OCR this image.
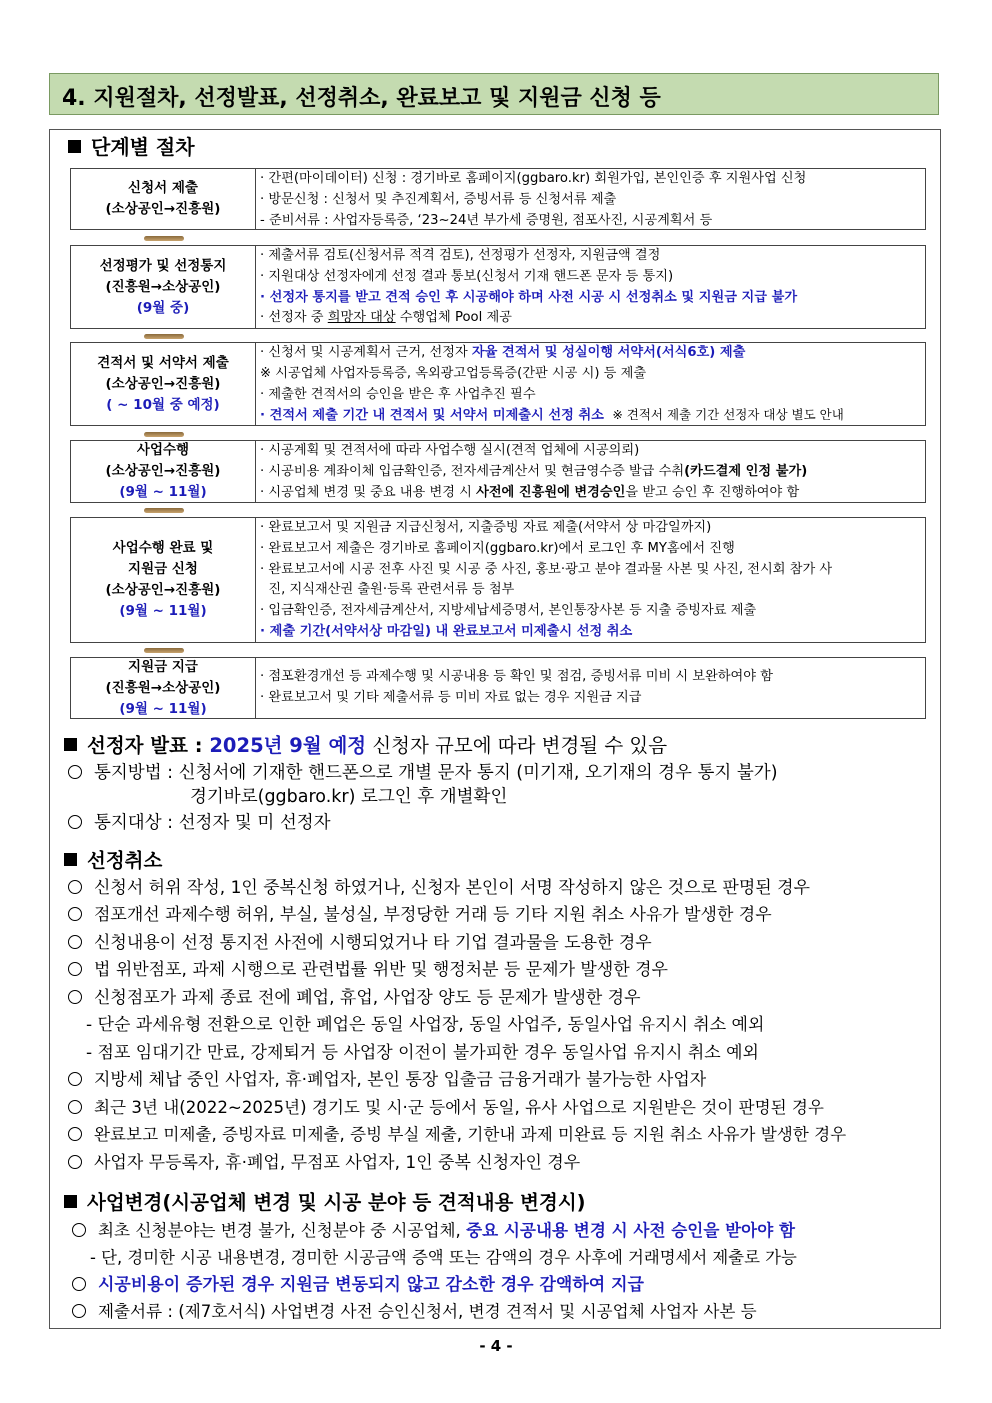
4. 지원절차, 선정발표, 선정취소, 완료보고 및 지원금 신청 등
단계별 절차
신청서 제출
(소상공인→진흥원)
· 간편(마이데이터) 신청 : 경기바로 홈페이지(ggbaro.kr) 회원가입, 본인인증 후 지원사업 신청
· 방문신청 : 신청서 및 추진계획서, 증빙서류 등 신청서류 제출
- 준비서류 : 사업자등록증, ‘23~24년 부가세 증명원, 점포사진, 시공계획서 등
선정평가 및 선정통지
(진흥원→소상공인)
(9월 중)
· 제출서류 검토(신청서류 적격 검토), 선정평가 선정자, 지원금액 결정
· 지원대상 선정자에게 선정 결과 통보(신청서 기재 핸드폰 문자 등 통지)
· 선정자 통지를 받고 견적 승인 후 시공해야 하며 사전 시공 시 선정취소 및 지원금 지급 불가
· 선정자 중 희망자 대상 수행업체 Pool 제공
견적서 및 서약서 제출
(소상공인→진흥원)
( ~ 10월 중 예정)
· 신청서 및 시공계획서 근거, 선정자 자율 견적서 및 성실이행 서약서(서식6호) 제출
※ 시공업체 사업자등록증, 옥외광고업등록증(간판 시공 시) 등 제출
· 제출한 견적서의 승인을 받은 후 사업추진 필수
· 견적서 제출 기간 내 견적서 및 서약서 미제출시 선정 취소 ※ 견적서 제출 기간 선정자 대상 별도 안내
사업수행
(소상공인→진흥원)
(9월 ~ 11월)
· 시공계획 및 견적서에 따라 사업수행 실시(견적 업체에 시공의뢰)
· 시공비용 계좌이체 입금확인증, 전자세금계산서 및 현금영수증 발급 수취(카드결제 인정 불가)
· 시공업체 변경 및 중요 내용 변경 시 사전에 진흥원에 변경승인을 받고 승인 후 진행하여야 함
사업수행 완료 및
지원금 신청
(소상공인→진흥원)
(9월 ~ 11월)
· 완료보고서 및 지원금 지급신청서, 지출증빙 자료 제출(서약서 상 마감일까지)
· 완료보고서 제출은 경기바로 홈페이지(ggbaro.kr)에서 로그인 후 MY홈에서 진행
· 완료보고서에 시공 전후 사진 및 시공 중 사진, 홍보·광고 분야 결과물 사본 및 사진, 전시회 참가 사
진, 지식재산권 출원·등록 관련서류 등 첨부
· 입금확인증, 전자세금계산서, 지방세납세증명서, 본인통장사본 등 지출 증빙자료 제출
· 제출 기간(서약서상 마감일) 내 완료보고서 미제출시 선정 취소
지원금 지급
(진흥원→소상공인)
(9월 ~ 11월)
· 점포환경개선 등 과제수행 및 시공내용 등 확인 및 점검, 증빙서류 미비 시 보완하여야 함
· 완료보고서 및 기타 제출서류 등 미비 자료 없는 경우 지원금 지급
선정자 발표 : 2025년 9월 예정 신청자 규모에 따라 변경될 수 있음
통지방법 : 신청서에 기재한 핸드폰으로 개별 문자 통지 (미기재, 오기재의 경우 통지 불가)
경기바로(ggbaro.kr) 로그인 후 개별확인
통지대상 : 선정자 및 미 선정자
선정취소
신청서 허위 작성, 1인 중복신청 하였거나, 신청자 본인이 서명 작성하지 않은 것으로 판명된 경우
점포개선 과제수행 허위, 부실, 불성실, 부정당한 거래 등 기타 지원 취소 사유가 발생한 경우
신청내용이 선정 통지전 사전에 시행되었거나 타 기업 결과물을 도용한 경우
법 위반점포, 과제 시행으로 관련법률 위반 및 행정처분 등 문제가 발생한 경우
신청점포가 과제 종료 전에 폐업, 휴업, 사업장 양도 등 문제가 발생한 경우
- 단순 과세유형 전환으로 인한 폐업은 동일 사업장, 동일 사업주, 동일사업 유지시 취소 예외
- 점포 임대기간 만료, 강제퇴거 등 사업장 이전이 불가피한 경우 동일사업 유지시 취소 예외
지방세 체납 중인 사업자, 휴·폐업자, 본인 통장 입출금 금융거래가 불가능한 사업자
최근 3년 내(2022~2025년) 경기도 및 시·군 등에서 동일, 유사 사업으로 지원받은 것이 판명된 경우
완료보고 미제출, 증빙자료 미제출, 증빙 부실 제출, 기한내 과제 미완료 등 지원 취소 사유가 발생한 경우
사업자 무등록자, 휴·폐업, 무점포 사업자, 1인 중복 신청자인 경우
사업변경(시공업체 변경 및 시공 분야 등 견적내용 변경시)
최초 신청분야는 변경 불가, 신청분야 중 시공업체, 중요 시공내용 변경 시 사전 승인을 받아야 함
- 단, 경미한 시공 내용변경, 경미한 시공금액 증액 또는 감액의 경우 사후에 거래명세서 제출로 가능
시공비용이 증가된 경우 지원금 변동되지 않고 감소한 경우 감액하여 지급
제출서류 : (제7호서식) 사업변경 사전 승인신청서, 변경 견적서 및 시공업체 사업자 사본 등
- 4 -
